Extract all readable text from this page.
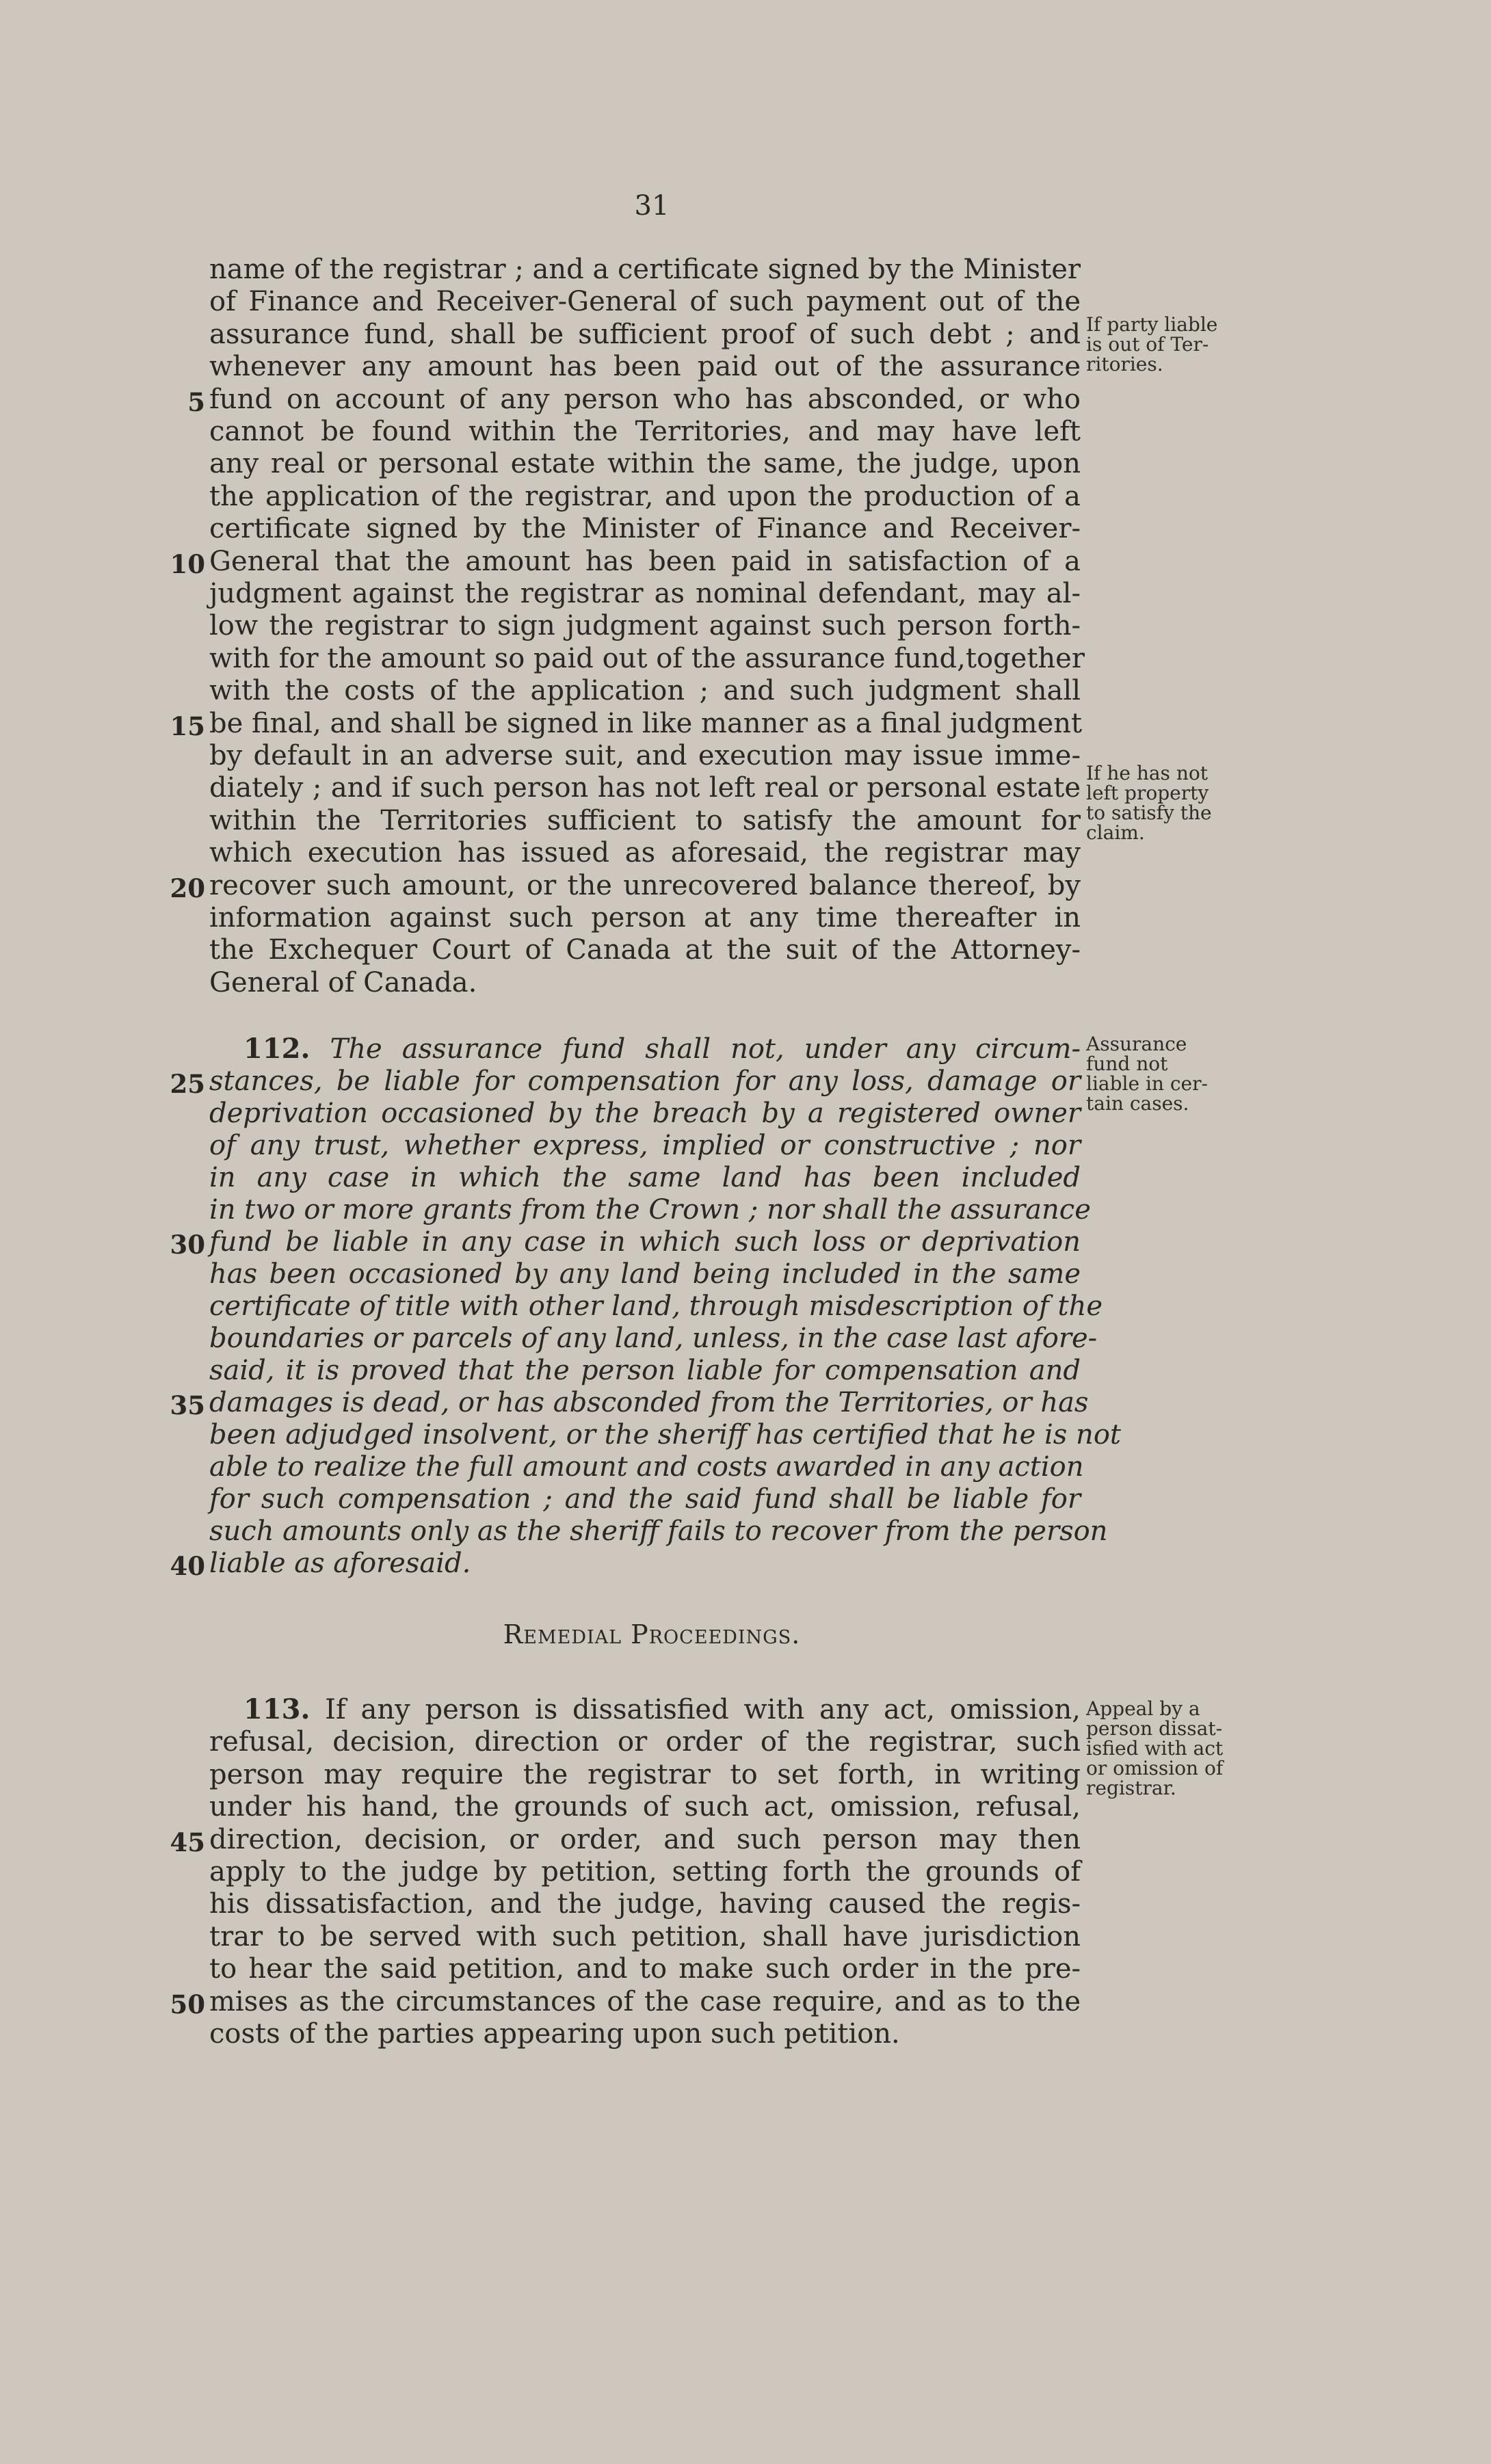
31
name of the registrar ; and a certificate signed by the Minister
of Finance and Receiver-General of such payment out of the
assurance fund, shall be sufficient proof of such debt ; and
whenever any amount has been paid out of the assurance
5 fund on account of any person who has absconded, or who
cannot be found within the Territories, and may have left
any real or personal estate within the same, the judge, upon
the application of the registrar, and upon the production of a
certificate signed by the Minister of Finance and Receiver-
10 General that the amount has been paid in satisfaction of a
judgment against the registrar as nominal defendant, may al-
low the registrar to sign judgment against such person forth-
with for the amount so paid out of the assurance fund,together
with the costs of the application ; and such judgment shall
15 be final, and shall be signed in like manner as a final judgment
by default in an adverse suit, and execution may issue imme-
diately ; and if such person has not left real or personal estate
within the Territories sufficient to satisfy the amount for
which execution has issued as aforesaid, the registrar may
20 recover such amount, or the unrecovered balance thereof, by
information against such person at any time thereafter in
the Exchequer Court of Canada at the suit of the Attorney-
General of Canada.
112. The assurance fund shall not, under any circum-
25 stances, be liable for compensation for any loss, damage or
deprivation occasioned by the breach by a registered owner
of any trust, whether express, implied or constructive ; nor
in any case in which the same land has been included
in two or more grants from the Crown ; nor shall the assurance
30 fund be liable in any case in which such loss or deprivation
has been occasioned by any land being included in the same
certificate of title with other land, through misdescription of the
boundaries or parcels of any land, unless, in the case last afore-
said, it is proved that the person liable for compensation and
35 damages is dead, or has absconded from the Territories, or has
been adjudged insolvent, or the sheriff has certified that he is not
able to realize the full amount and costs awarded in any action
for such compensation ; and the said fund shall be liable for
such amounts only as the sheriff fails to recover from the person
40 liable as aforesaid.
Remedial Proceedings.
113. If any person is dissatisfied with any act, omission,
refusal, decision, direction or order of the registrar, such
person may require the registrar to set forth, in writing
under his hand, the grounds of such act, omission, refusal,
45 direction, decision, or order, and such person may then
apply to the judge by petition, setting forth the grounds of
his dissatisfaction, and the judge, having caused the regis-
trar to be served with such petition, shall have jurisdiction
to hear the said petition, and to make such order in the pre-
50 mises as the circumstances of the case require, and as to the
costs of the parties appearing upon such petition.
If party liable
is out of Ter-
ritories.
If he has not
left property
to satisfy the
claim.
Assurance
fund not
liable in cer-
tain cases.
Appeal by a
person dissat-
isfied with act
or omission of
registrar.
